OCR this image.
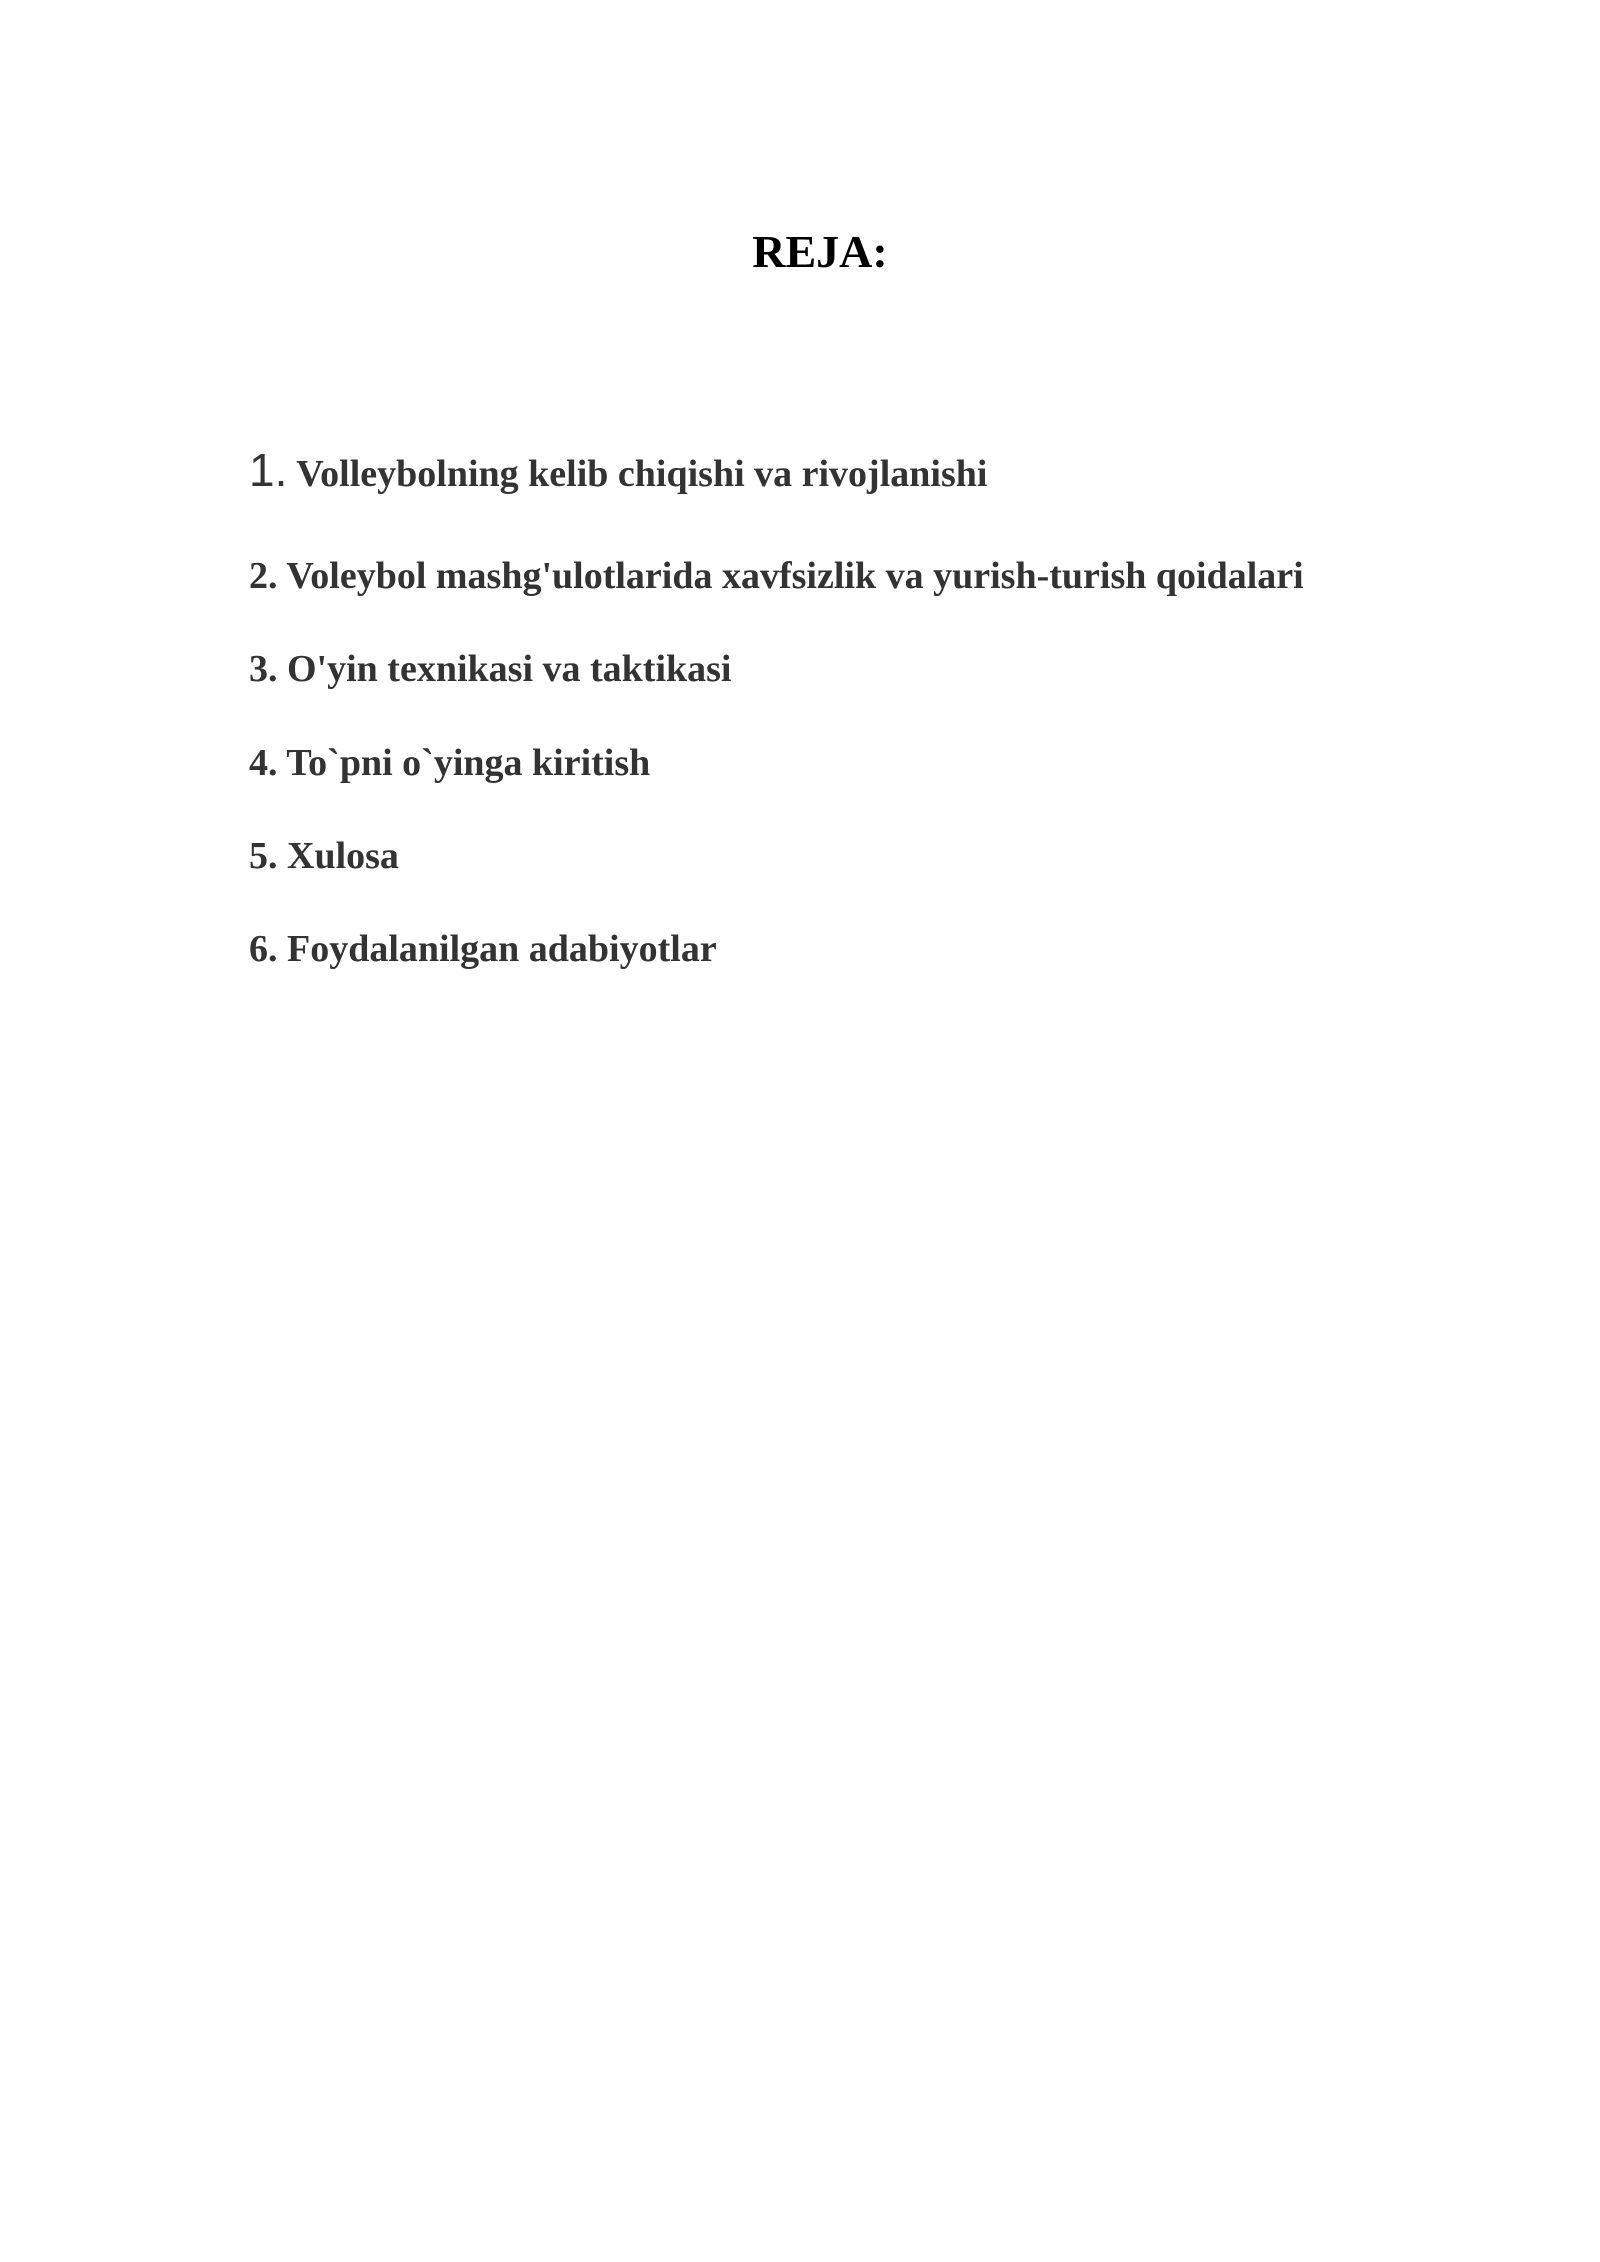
REJA:
1. Volleybolning kelib chiqishi va rivojlanishi
2. Voleybol mashg'ulotlarida xavfsizlik va yurish-turish qoidalari
3. O'yin texnikasi va taktikasi
4. To`pni o`yinga kiritish
5. Xulosa
6. Foydalanilgan adabiyotlar
